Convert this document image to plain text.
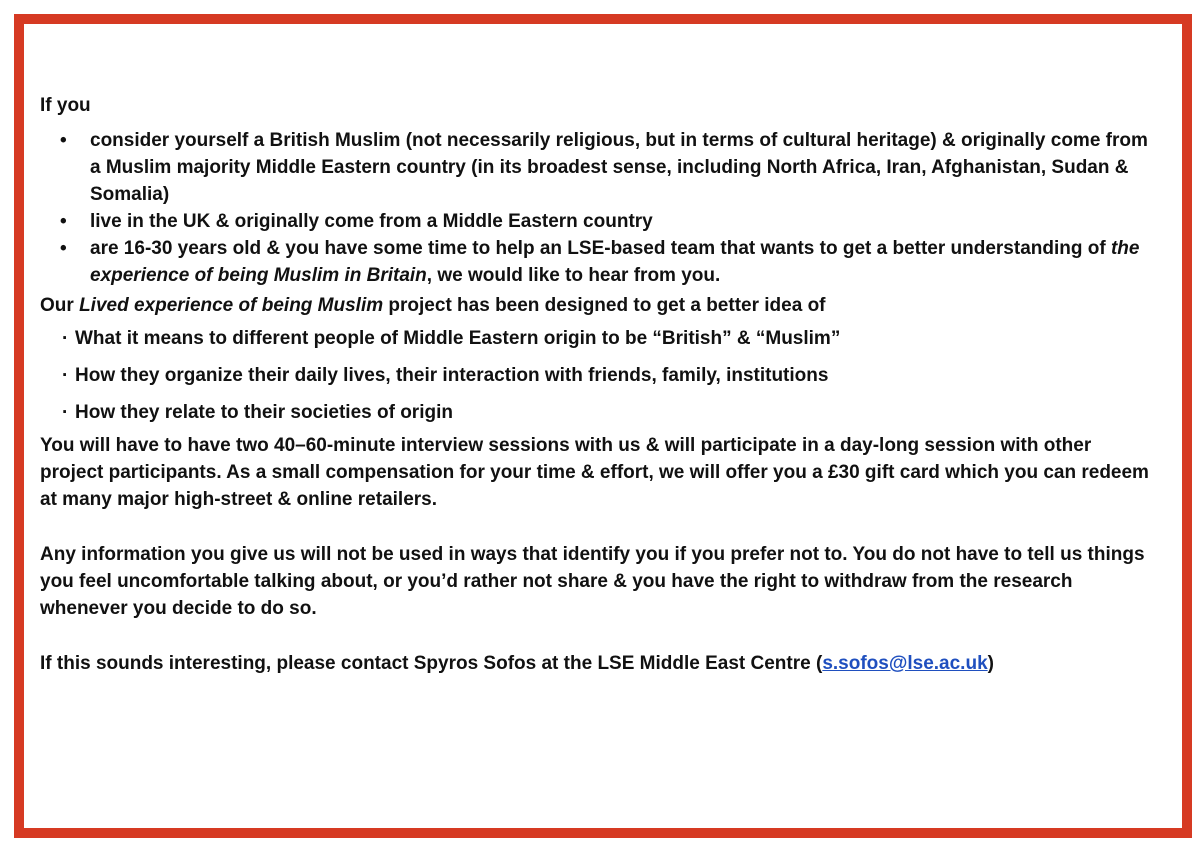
If you

• consider yourself a British Muslim (not necessarily religious, but in terms of cultural heritage) & originally come from a Muslim majority Middle Eastern country (in its broadest sense, including North Africa, Iran, Afghanistan, Sudan & Somalia)
• live in the UK & originally come from a Middle Eastern country
• are 16-30 years old & you have some time to help an LSE-based team that wants to get a better understanding of the experience of being Muslim in Britain, we would like to hear from you.

Our Lived experience of being Muslim project has been designed to get a better idea of

· What it means to different people of Middle Eastern origin to be “British” & “Muslim”
· How they organize their daily lives, their interaction with friends, family, institutions
· How they relate to their societies of origin

You will have to have two 40–60-minute interview sessions with us & will participate in a day-long session with other project participants. As a small compensation for your time & effort, we will offer you a £30 gift card which you can redeem at many major high-street & online retailers.

Any information you give us will not be used in ways that identify you if you prefer not to. You do not have to tell us things you feel uncomfortable talking about, or you’d rather not share & you have the right to withdraw from the research whenever you decide to do so.

If this sounds interesting, please contact Spyros Sofos at the LSE Middle East Centre (s.sofos@lse.ac.uk)
